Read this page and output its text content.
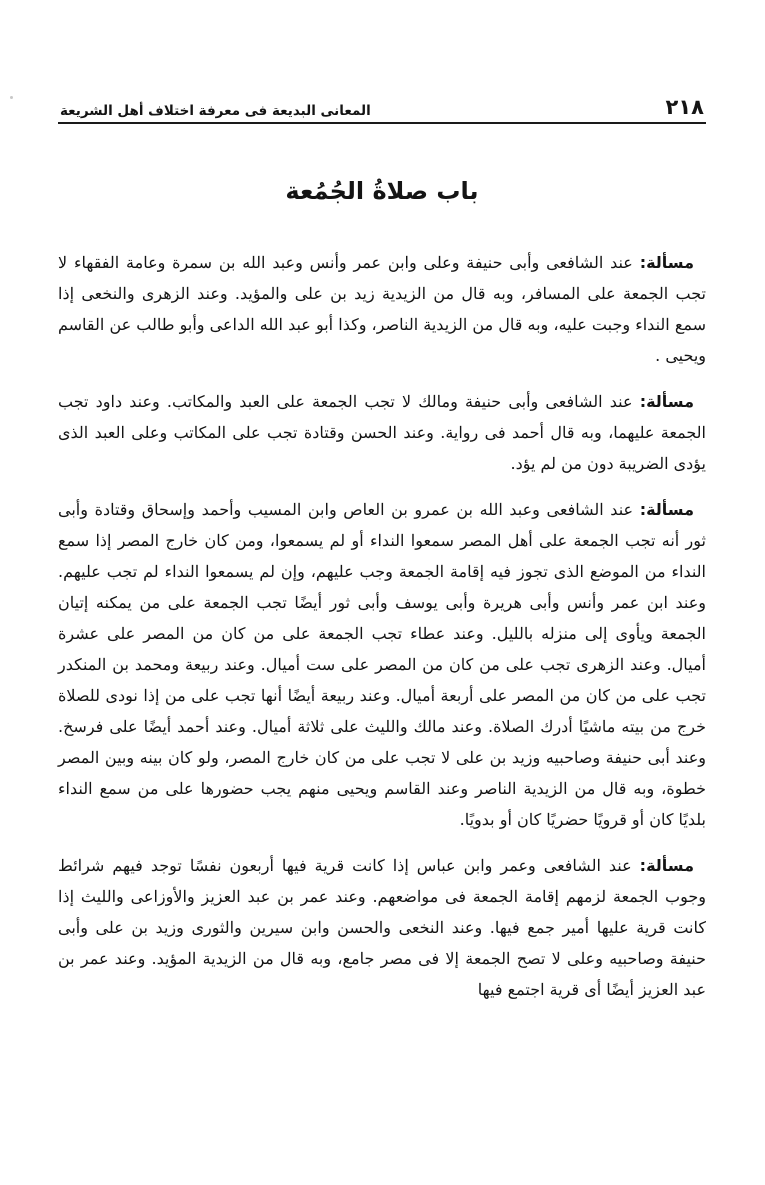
٢١٨
المعانى البديعة فى معرفة اختلاف أهل الشريعة
باب صلاةُ الجُمُعة

مسألة: عند الشافعى وأبى حنيفة وعلى وابن عمر وأنس وعبد الله بن سمرة وعامة الفقهاء لا تجب الجمعة على المسافر، وبه قال من الزيدية زيد بن على والمؤيد. وعند الزهرى والنخعى إذا سمع النداء وجبت عليه، وبه قال من الزيدية الناصر، وكذا أبو عبد الله الداعى وأبو طالب عن القاسم ويحيى .

مسألة: عند الشافعى وأبى حنيفة ومالك لا تجب الجمعة على العبد والمكاتب. وعند داود تجب الجمعة عليهما، وبه قال أحمد فى رواية. وعند الحسن وقتادة تجب على المكاتب وعلى العبد الذى يؤدى الضريبة دون من لم يؤد.

مسألة: عند الشافعى وعبد الله بن عمرو بن العاص وابن المسيب وأحمد وإسحاق وقتادة وأبى ثور أنه تجب الجمعة على أهل المصر سمعوا النداء أو لم يسمعوا، ومن كان خارج المصر إذا سمع النداء من الموضع الذى تجوز فيه إقامة الجمعة وجب عليهم، وإن لم يسمعوا النداء لم تجب عليهم. وعند ابن عمر وأنس وأبى هريرة وأبى يوسف وأبى ثور أيضًا تجب الجمعة على من يمكنه إتيان الجمعة ويأوى إلى منزله بالليل. وعند عطاء تجب الجمعة على من كان من المصر على عشرة أميال. وعند الزهرى تجب على من كان من المصر على ست أميال. وعند ربيعة ومحمد بن المنكدر تجب على من كان من المصر على أربعة أميال. وعند ربيعة أيضًا أنها تجب على من إذا نودى للصلاة خرج من بيته ماشيًا أدرك الصلاة. وعند مالك والليث على ثلاثة أميال. وعند أحمد أيضًا على فرسخ. وعند أبى حنيفة وصاحبيه وزيد بن على لا تجب على من كان خارج المصر، ولو كان بينه وبين المصر خطوة، وبه قال من الزيدية الناصر وعند القاسم ويحيى منهم يجب حضورها على من سمع النداء بلديًا كان أو قرويًا حضريًا كان أو بدويًا.

مسألة: عند الشافعى وعمر وابن عباس إذا كانت قرية فيها أربعون نفسًا توجد فيهم شرائط وجوب الجمعة لزمهم إقامة الجمعة فى مواضعهم. وعند عمر بن عبد العزيز والأوزاعى والليث إذا كانت قرية عليها أمير جمع فيها. وعند النخعى والحسن وابن سيرين والثورى وزيد بن على وأبى حنيفة وصاحبيه وعلى لا تصح الجمعة إلا فى مصر جامع، وبه قال من الزيدية المؤيد. وعند عمر بن عبد العزيز أيضًا أى قرية اجتمع فيها
